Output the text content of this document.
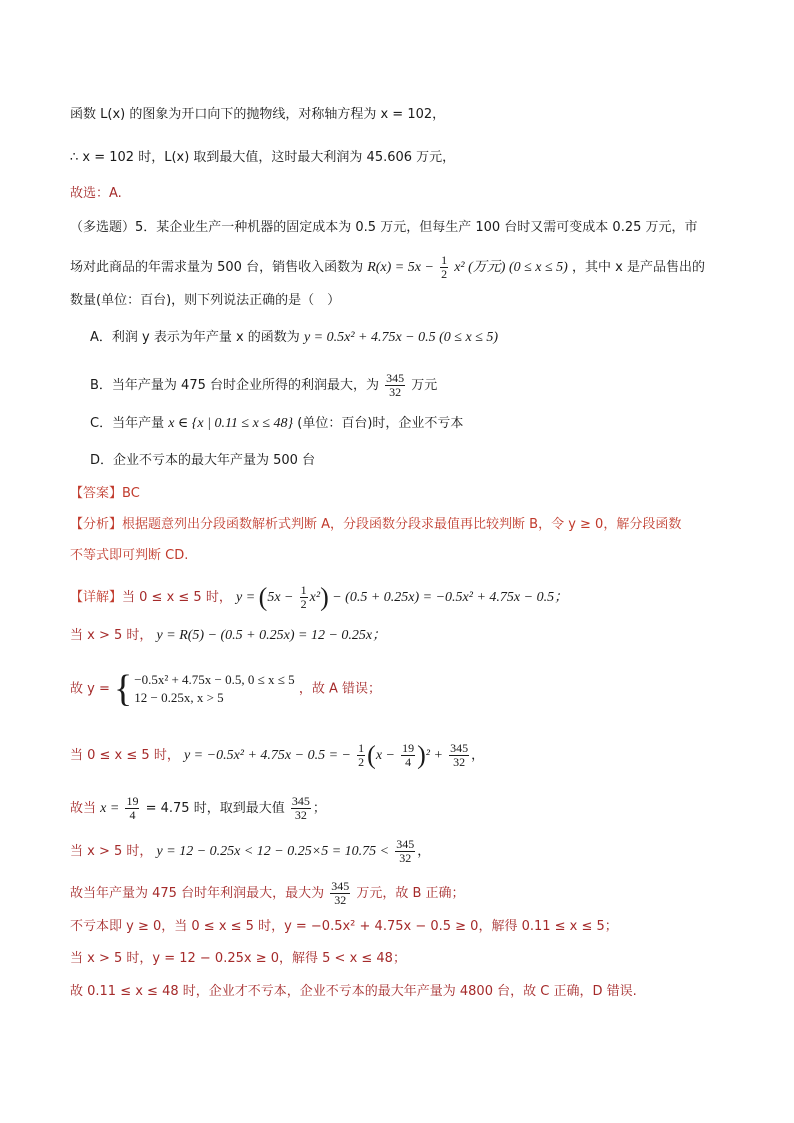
函数 L(x) 的图象为开口向下的抛物线，对称轴方程为 x = 102，
∴ x = 102 时，L(x) 取到最大值，这时最大利润为 45.606 万元，
故选：A.
（多选题）5．某企业生产一种机器的固定成本为 0.5 万元，但每生产 100 台时又需可变成本 0.25 万元，市
场对此商品的年需求量为 500 台，销售收入函数为 $R(x) = 5x - \frac{1}{2} x^2$ (万元) (0 ≤ x ≤ 5) ，其中 x 是产品售出的
数量(单位：百台)，则下列说法正确的是（　）
A．利润 y 表示为年产量 x 的函数为 y = 0.5x² + 4.75x − 0.5 (0 ≤ x ≤ 5)
B．当年产量为 475 台时企业所得的利润最大，为 $\frac{345}{32}$ 万元
C．当年产量 x ∈ {x | 0.11 ≤ x ≤ 48} (单位：百台)时，企业不亏本
D．企业不亏本的最大年产量为 500 台
【答案】BC
【分析】根据题意列出分段函数解析式判断 A，分段函数分段求最值再比较判断 B，令 y ≥ 0，解分段函数
不等式即可判断 CD.
【详解】当 0 ≤ x ≤ 5 时， $y = (5x - \frac{1}{2} x^2) - (0.5 + 0.25x) = -0.5x^2 + 4.75x - 0.5$；
当 x > 5 时， y = R(5) − (0.5 + 0.25x) = 12 − 0.25x；
故 y = { −0.5x² + 4.75x − 0.5, 0 ≤ x ≤ 5
12 − 0.25x, x > 5
，故 A 错误；
当 0 ≤ x ≤ 5 时， y = −0.5x² + 4.75x − 0.5 = − $\frac{1}{2} (x - \frac{19}{4} )^2 + \frac{345}{32}$ ，
故当 $x = \frac{19}{4} = 4.75$ 时，取到最大值 $\frac{345}{32}$ ；
当 x > 5 时， $y = 12 - 0.25x < 12 - 0.25\times 5 = 10.75 < \frac{345}{32}$ ，
故当年产量为 475 台时年利润最大，最大为 $\frac{345}{32}$ 万元，故 B 正确；
不亏本即 y ≥ 0，当 0 ≤ x ≤ 5 时，y = −0.5x² + 4.75x − 0.5 ≥ 0，解得 0.11 ≤ x ≤ 5；
当 x > 5 时，y = 12 − 0.25x ≥ 0，解得 5 < x ≤ 48；
故 0.11 ≤ x ≤ 48 时，企业才不亏本，企业不亏本的最大年产量为 4800 台，故 C 正确，D 错误.
